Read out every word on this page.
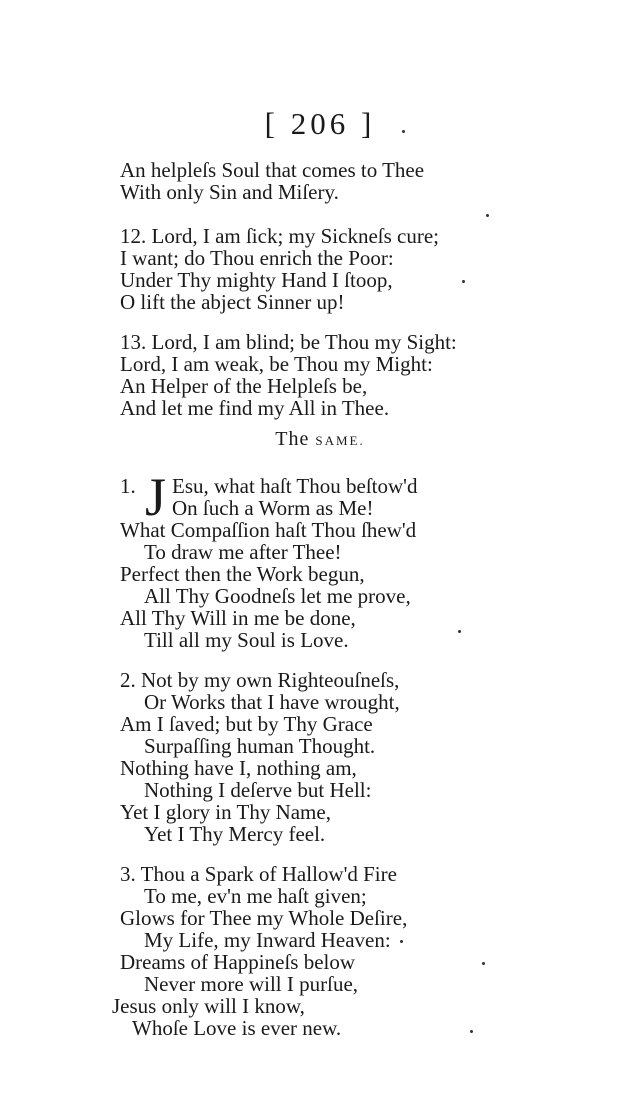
[ 206 ]
An helpleſs Soul that comes to Thee
With only Sin and Miſery.
12. Lord, I am ſick; my Sickneſs cure;
I want; do Thou enrich the Poor:
Under Thy mighty Hand I ſtoop,
O lift the abject Sinner up!
13. Lord, I am blind; be Thou my Sight:
Lord, I am weak, be Thou my Might:
An Helper of the Helpleſs be,
And let me find my All in Thee.
The SAME.
1. J Esu, what haſt Thou beſtow'd
On ſuch a Worm as Me!
What Compaſſion haſt Thou ſhew'd
To draw me after Thee!
Perfect then the Work begun,
All Thy Goodneſs let me prove,
All Thy Will in me be done,
Till all my Soul is Love.
2. Not by my own Righteouſneſs,
Or Works that I have wrought,
Am I ſaved; but by Thy Grace
Surpaſſing human Thought.
Nothing have I, nothing am,
Nothing I deſerve but Hell:
Yet I glory in Thy Name,
Yet I Thy Mercy feel.
3. Thou a Spark of Hallow'd Fire
To me, ev'n me haſt given;
Glows for Thee my Whole Deſire,
My Life, my Inward Heaven:
Dreams of Happineſs below
Never more will I purſue,
Jesus only will I know,
Whoſe Love is ever new.
